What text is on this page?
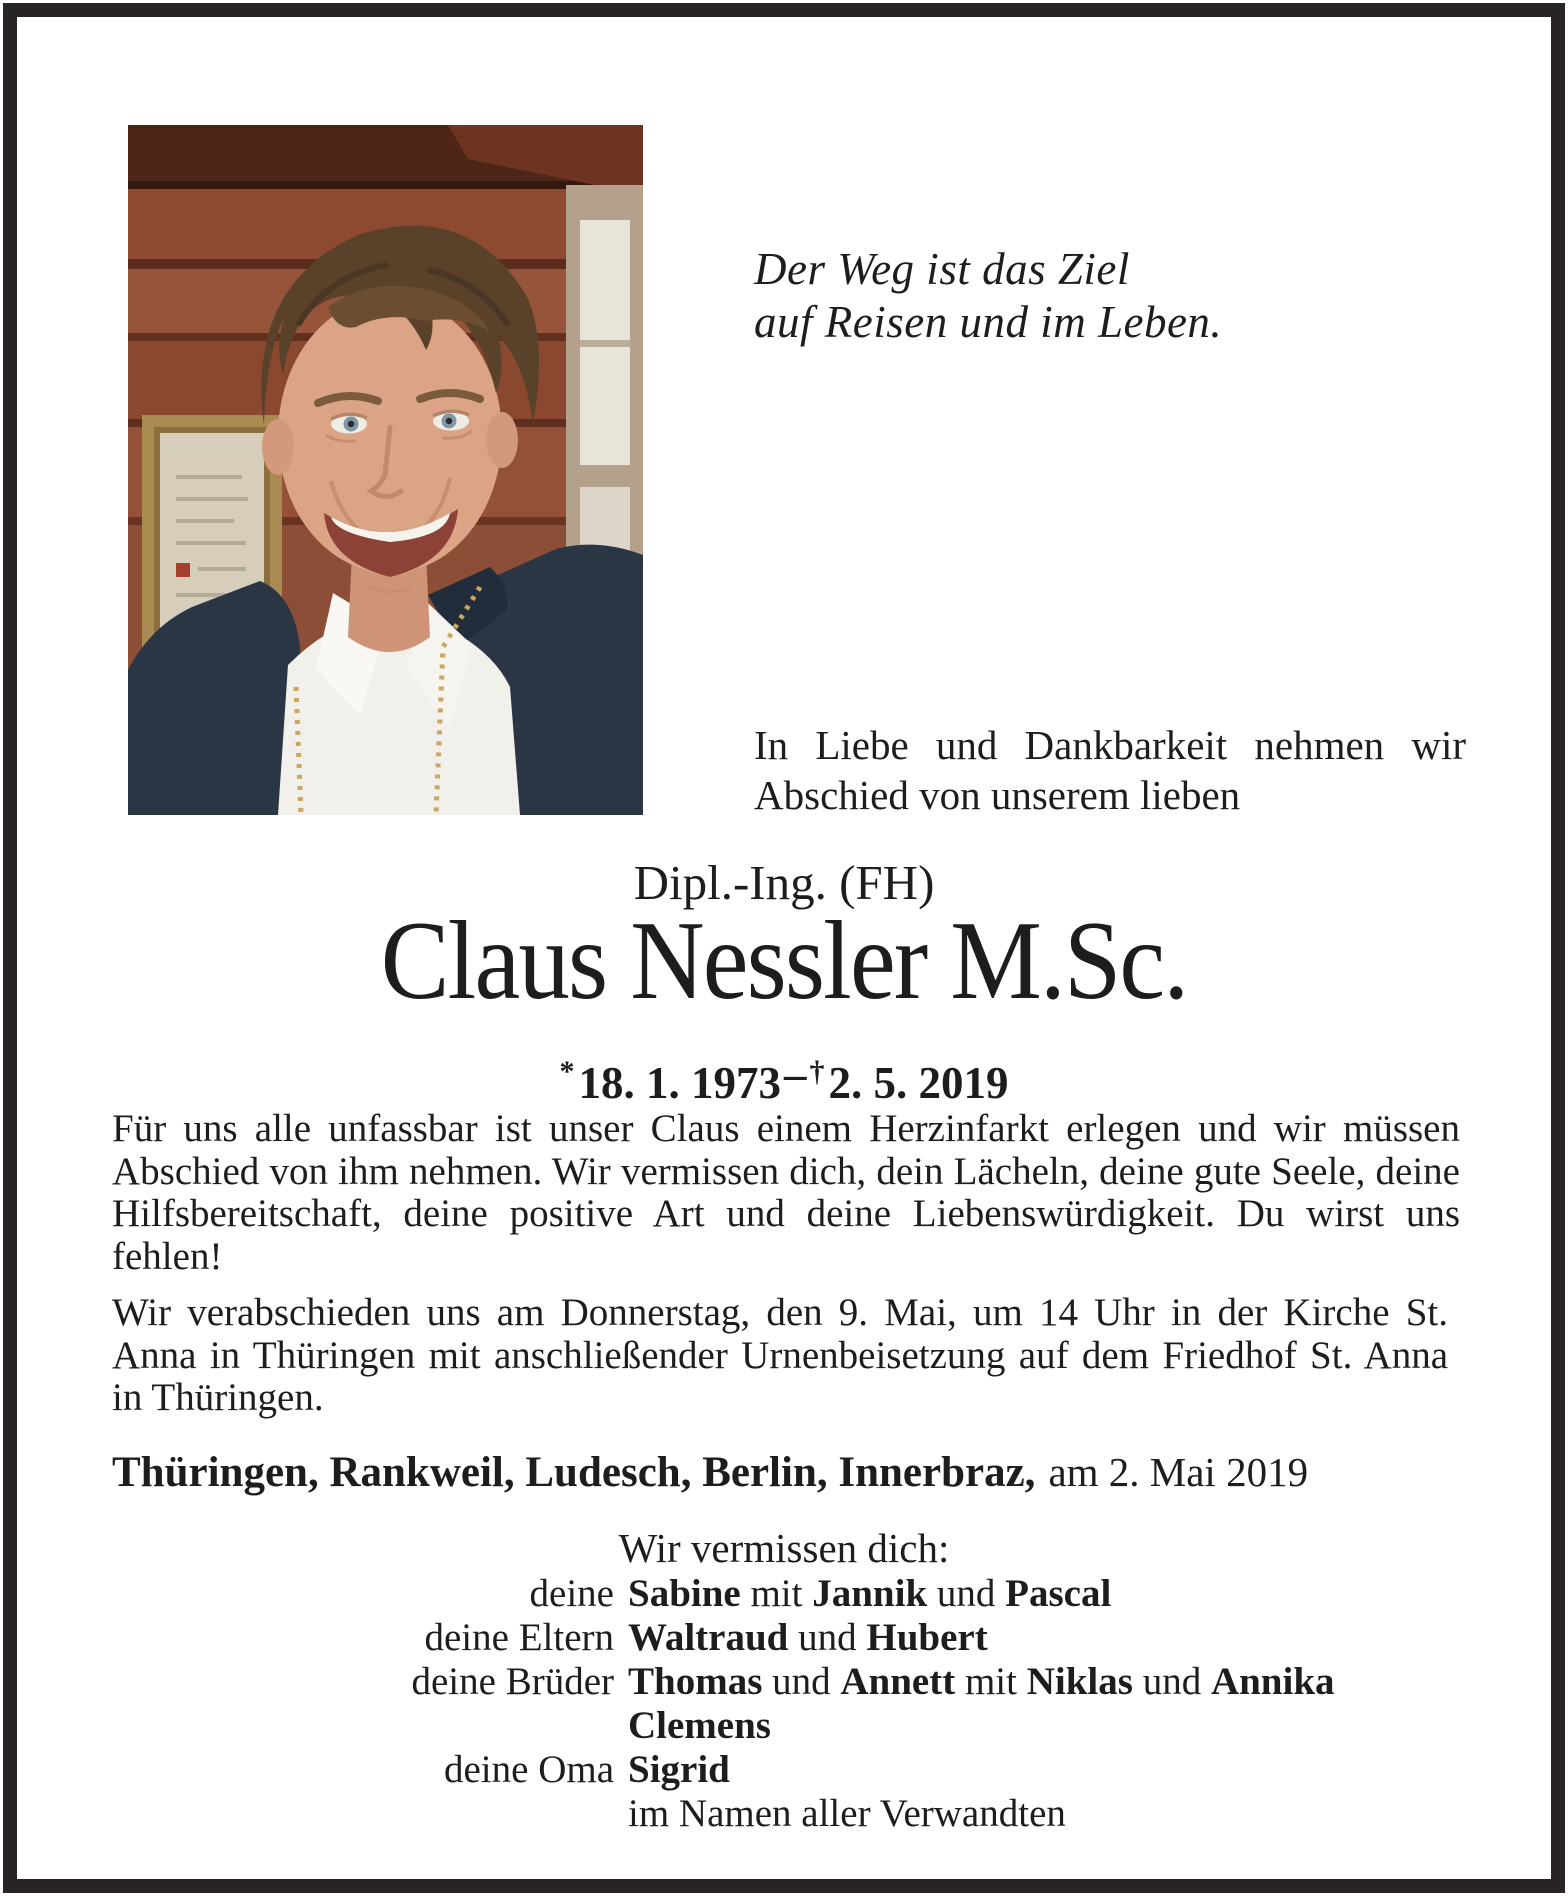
Der Weg ist das Ziel
auf Reisen und im Leben.
In Liebe und Dankbarkeit nehmen wir Abschied von unserem lieben
Dipl.-Ing. (FH)
Claus Nessler M.Sc.
*18. 1. 1973– †2. 5. 2019

Für uns alle unfassbar ist unser Claus einem Herzinfarkt erlegen und wir müssen Abschied von ihm nehmen. Wir vermissen dich, dein Lächeln, deine gute Seele, deine Hilfsbereitschaft, deine positive Art und deine Liebenswürdigkeit. Du wirst uns fehlen!

Wir verabschieden uns am Donnerstag, den 9. Mai, um 14 Uhr in der Kirche St. Anna in Thüringen mit anschließender Urnenbeisetzung auf dem Friedhof St. Anna in Thüringen.

Thüringen, Rankweil, Ludesch, Berlin, Innerbraz, am 2. Mai 2019
Wir vermissen dich:
deine Sabine mit Jannik und Pascal
deine Eltern Waltraud und Hubert
deine Brüder Thomas und Annett mit Niklas und Annika
Clemens
deine Oma Sigrid
im Namen aller Verwandten
